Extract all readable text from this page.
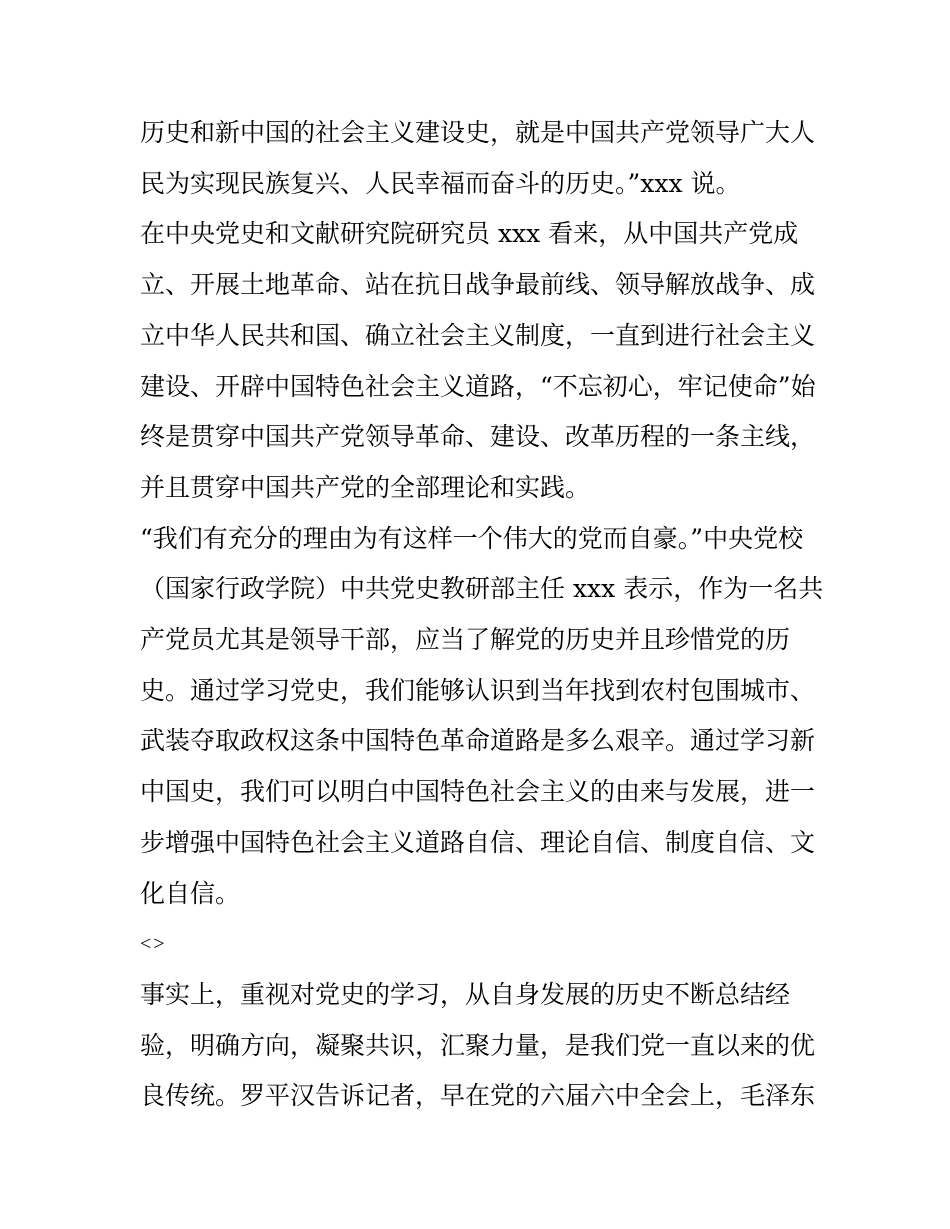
历史和新中国的社会主义建设史，就是中国共产党领导广大人
民为实现民族复兴、人民幸福而奋斗的历史。”xxx 说。

在中央党史和文献研究院研究员 xxx 看来，从中国共产党成
立、开展土地革命、站在抗日战争最前线、领导解放战争、成
立中华人民共和国、确立社会主义制度，一直到进行社会主义
建设、开辟中国特色社会主义道路，“不忘初心，牢记使命”始
终是贯穿中国共产党领导革命、建设、改革历程的一条主线，
并且贯穿中国共产党的全部理论和实践。

“我们有充分的理由为有这样一个伟大的党而自豪。”中央党校
（国家行政学院）中共党史教研部主任 xxx 表示，作为一名共
产党员尤其是领导干部，应当了解党的历史并且珍惜党的历
史。通过学习党史，我们能够认识到当年找到农村包围城市、
武装夺取政权这条中国特色革命道路是多么艰辛。通过学习新
中国史，我们可以明白中国特色社会主义的由来与发展，进一
步增强中国特色社会主义道路自信、理论自信、制度自信、文
化自信。

<>

事实上，重视对党史的学习，从自身发展的历史不断总结经
验，明确方向，凝聚共识，汇聚力量，是我们党一直以来的优
良传统。罗平汉告诉记者，早在党的六届六中全会上，毛泽东
